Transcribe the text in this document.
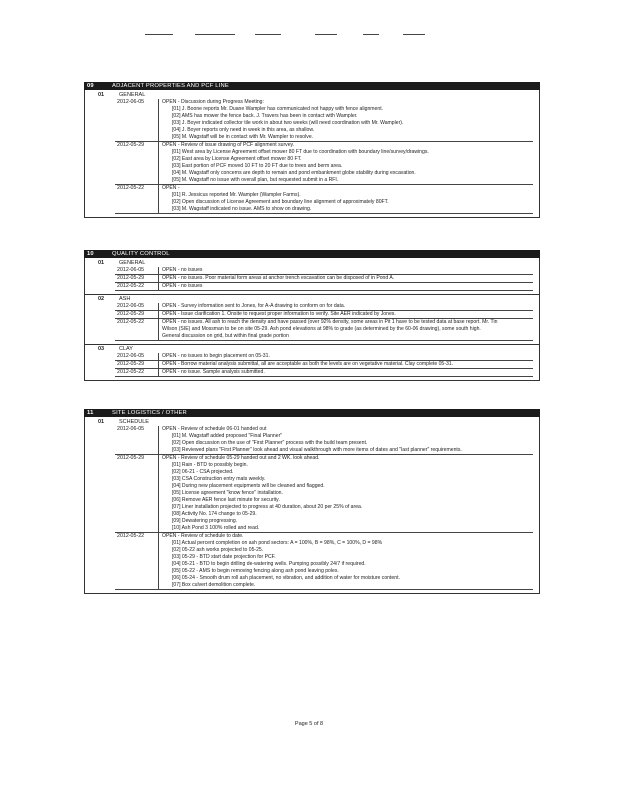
09	ADJACENT PROPERTIES AND PCF LINE
01	GENERAL
2012-06-05	OPEN - Discussion during Progress Meeting:
[01] J. Boone reports Mr. Duane Wampler has communicated not happy with fence alignment.
[02] AMS has mower the fence back. J. Travers has been in contact with Wampler.
[03] J. Boyer indicated collector tile work in about two weeks (will need coordination with Mr. Wampler).
[04] J. Boyer reports only need in week in this area, as shallow.
[05] M. Wagstaff will be in contact with Mr. Wampler to resolve.
2012-05-29	OPEN - Review of issue drawing of PCF alignment survey.
[01] West area by License Agreement offset mower 80 FT due to coordination with boundary line/survey/drawings.
[02] East area by License Agreement offset mower 80 FT.
[03] East portion of PCF moved 10 FT to 20 FT due to trees and berm area.
[04] M. Wagstaff only concerns are depth to remain and pond embankment globe stability during excavation.
[05] M. Wagstaff no issue with overall plan, but requested submit in a RFI.
2012-05-22	OPEN -
[01] R. Jessicus reported Mr. Wampler (Wampler Farms).
[02] Open discussion of License Agreement and boundary line alignment of approximately 80FT.
[03] M. Wagstaff indicated no issue. AMS to show on drawing.
10	QUALITY CONTROL
01	GENERAL
2012-06-05	OPEN - no issues
2012-05-29	OPEN - no issues. Poor material form areas at anchor trench excavation can be disposed of in Pond A.
2012-05-22	OPEN - no issues
02	ASH
2012-06-05	OPEN - Survey information sent to Jones, for A-A drawing to conform on for data.
2012-05-29	OPEN - Issue clarification 1. Onsite to request proper information to verify. Site AER indicated by Jones.
2012-05-22	OPEN - no issues. All ash to reach the density and have passed (over 92% density, some areas in Pit 1 have to be tested data at base report. Mr. Tin
Wilson (SIE) and Mossman to be on site 05-29. Ash pond elevations at 98% to grade (as determined by the 60-06 drawing), some south high.
General discussion on grid, but within final grade portion
03	CLAY
2012-06-05	OPEN - no issues to begin placement on 05-31.
2012-05-29	OPEN - Borrow material analysis submittal, all are acceptable as both the levels are on vegetative material. Clay complete 05-31.
2012-05-22	OPEN - no issue. Sample analysis submitted.
11	SITE LOGISTICS / OTHER
01	SCHEDULE
2012-06-05	OPEN - Review of schedule 06-01 handed out
[01] M. Wagstaff added proposed "Final Planner"
[02] Open discussion on the use of "First Planner" process with the build team present.
[03] Reviewed plans "First Planner" look ahead and visual walkthrough with more items of dates and "last planner" requirements.
2012-05-29	OPEN - Review of schedule 05-29 handed out and 2 WK. look ahead.
[01] Rain - BTD to possibly begin.
[02] 06-21 - CSA projected.
[03] CSA Construction entry mats weekly.
[04] During new placement equipments will be cleaned and flagged.
[05] License agreement "know fence" installation.
[06] Remove AER fence last minute for security.
[07] Liner installation projected to progress at 40 duration, about 20 per 25% of area.
[08] Activity No. 174 change to 05-29.
[09] Dewatering progressing.
[10] Ash Pond 3 100% rolled and read.
2012-05-22	OPEN - Review of schedule to date.
[01] Actual percent completion on ash pond sectors: A = 100%, B = 98%, C = 100%, D = 98%
[02] 05-22 ash works projected to 05-25.
[03] 05-29 - BTD start date projection for PCF.
[04] 05-21 - BTD to begin drilling de-watering wells. Pumping possibly 24/7 if required.
[05] 05-22 - AMS to begin removing fencing along ash pond leaving poles.
[06] 05-24 - Smooth drum roll ash placement, no vibration, and addition of water for moisture content.
[07] Box culvert demolition complete.
Page 5 of 8
